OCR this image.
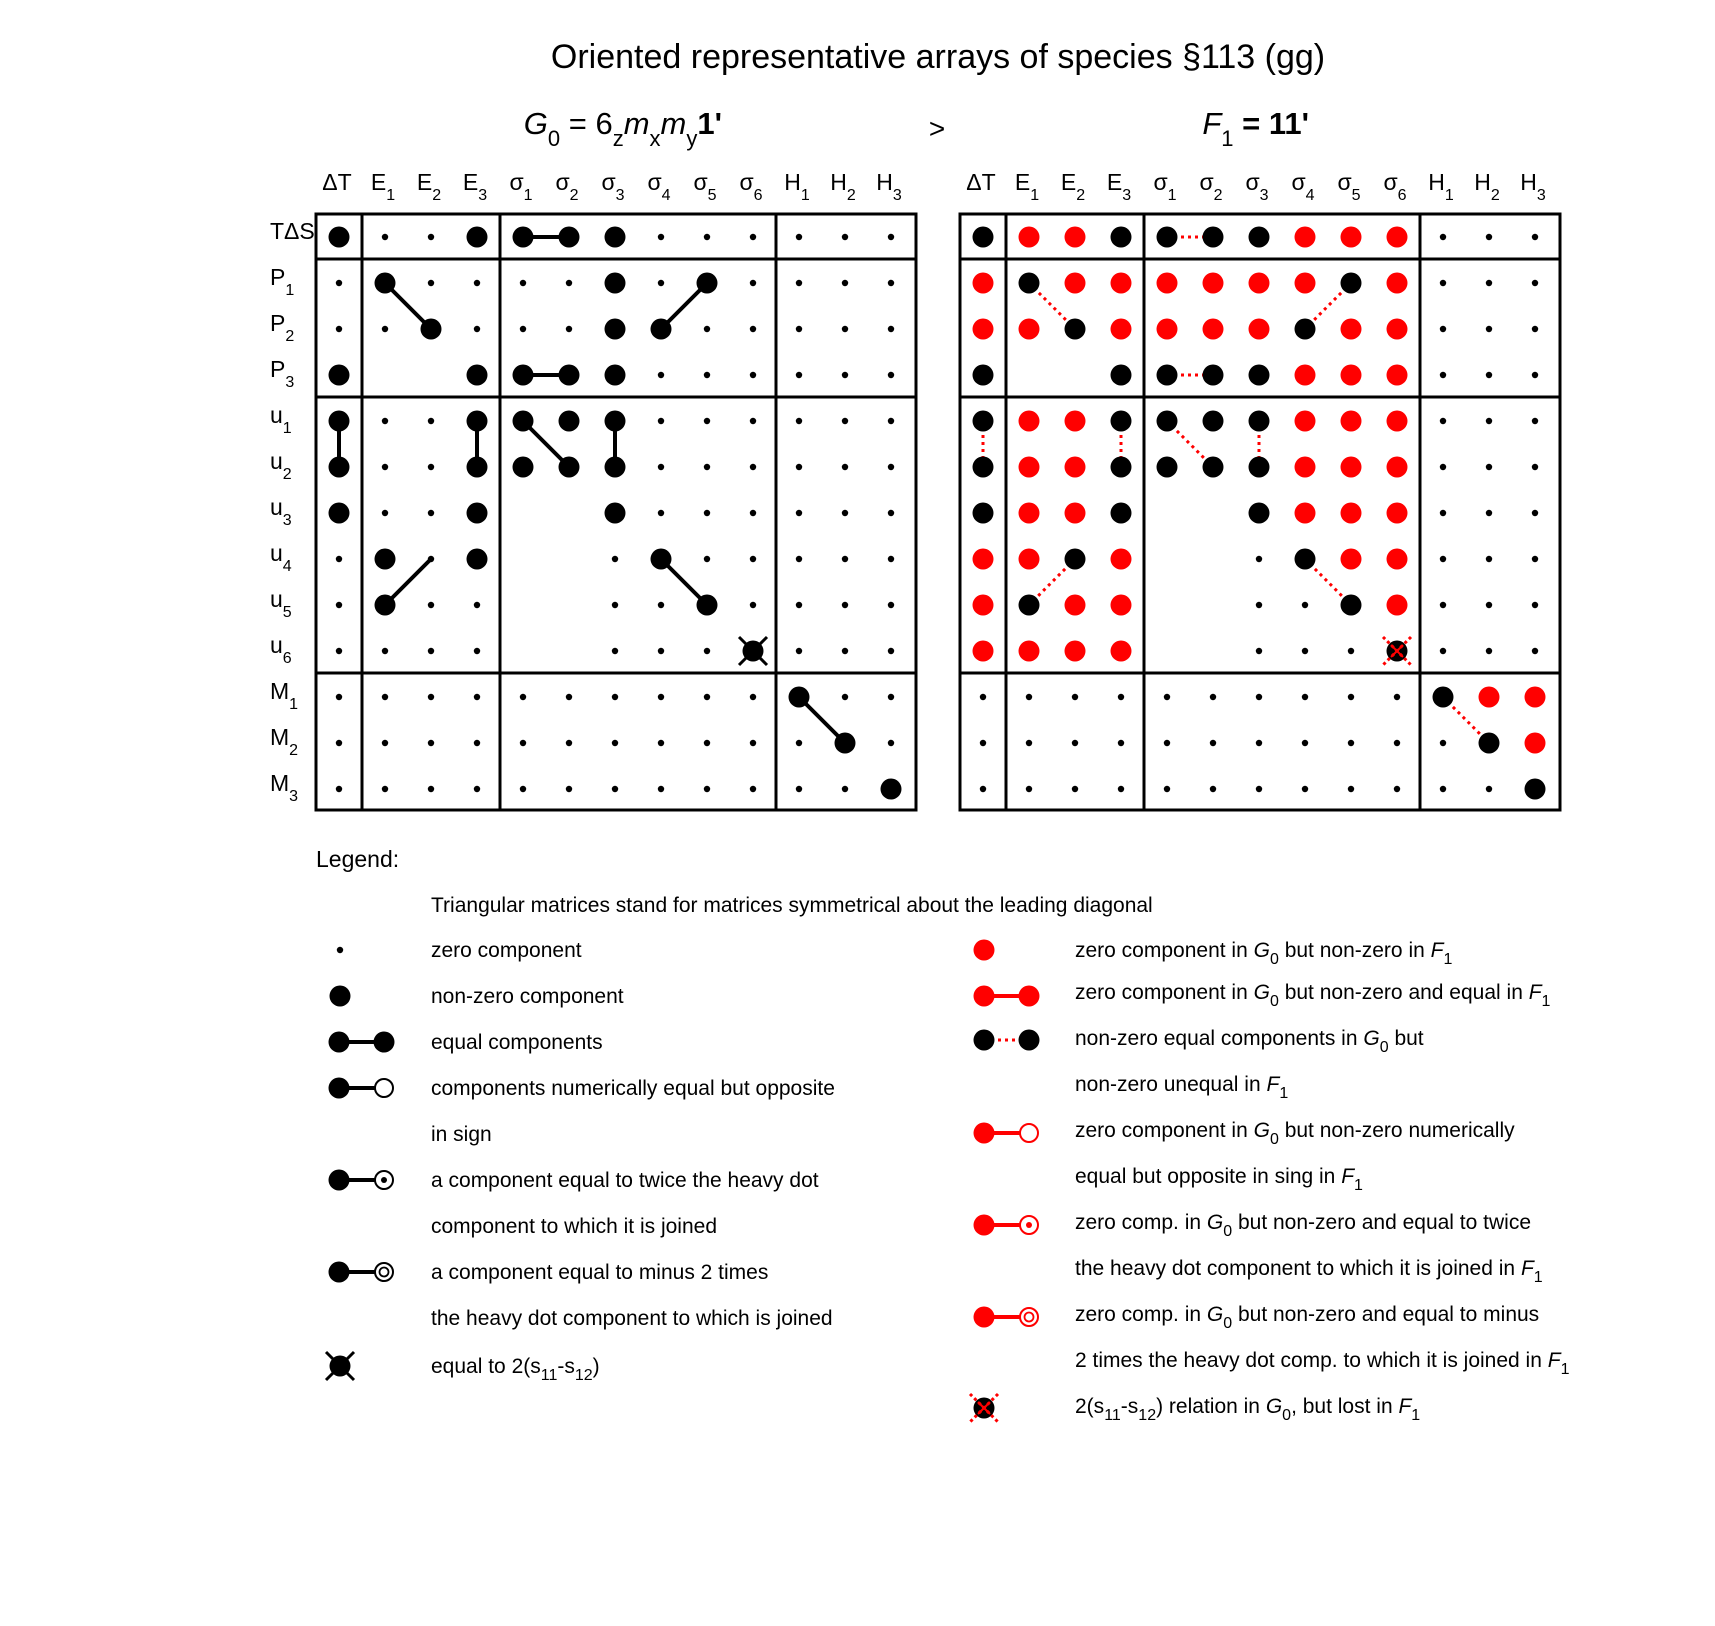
Oriented representative arrays of species §113 (gg)
$G_0 = 6_zm_xm_y1'$	>	$F_1 = 11'$
ΔT $E_1$
$E_2$
$E_3$
$\sigma_1$
$\sigma_2$
$\sigma_3$
$\sigma_4$
$\sigma_5$
$\sigma_6$
$H_1$
$H_2$
$H_3$
TΔS
$P_1$
$P_2$
$P_3$
$u_1$
$u_2$
$u_3$
$u_4$
$u_5$
$u_6$
$M_1$
$M_2$
$M_3$
ΔT $E_1$
$E_2$
$E_3$
$\sigma_1$
$\sigma_2$
$\sigma_3$
$\sigma_4$
$\sigma_5$
$\sigma_6$
$H_1$
$H_2$
$H_3$
Legend:
Triangular matrices stand for matrices symmetrical about the leading diagonal
zero component
non-zero component
equal components
components numerically equal but opposite
in sign
a component equal to twice the heavy dot
component to which it is joined
a component equal to minus 2 times
the heavy dot component to which is joined
equal to $2(s_{11}-s_{12})$
zero component in $G_0$ but non-zero in $F_1$
zero component in $G_0$ but non-zero and equal in $F_1$
non-zero equal components in $G_0$ but
non-zero unequal in $F_1$
zero component in $G_0$ but non-zero numerically
equal but opposite in sing in $F_1$
zero comp. in $G_0$ but non-zero and equal to twice
the heavy dot component to which it is joined in $F_1$
zero comp. in $G_0$ but non-zero and equal to minus
2 times the heavy dot comp. to which it is joined in $F_1$
$2(s_{11}-s_{12})$ relation in $G_0$, but lost in $F_1$
